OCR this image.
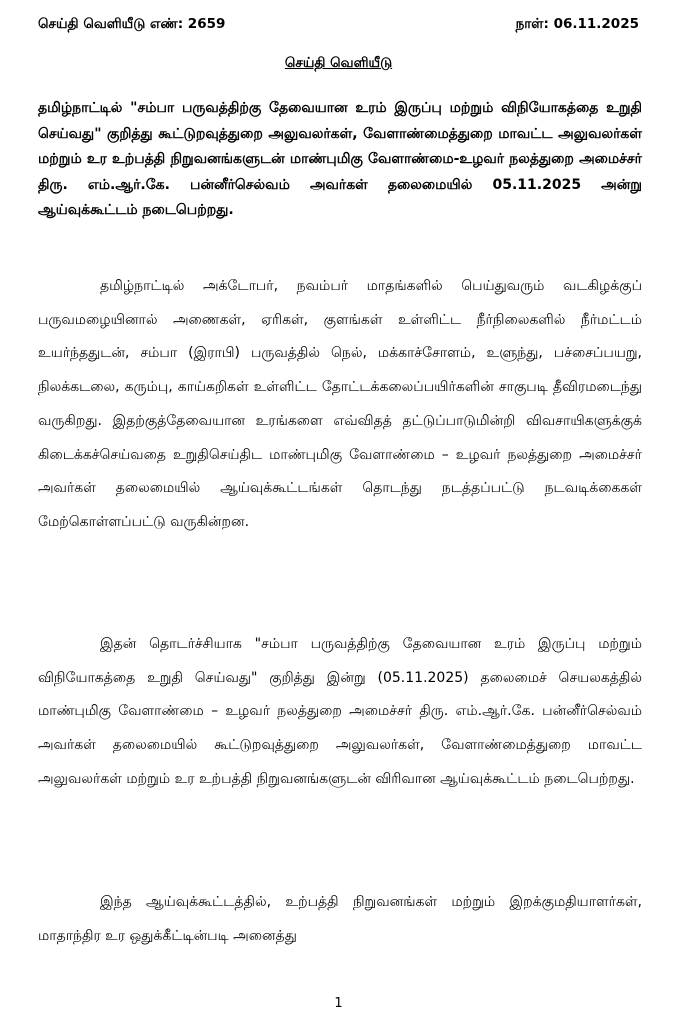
செய்தி வெளியீடு எண்: 2659	நாள்: 06.11.2025
செய்தி வெளியீடு
தமிழ்நாட்டில் "சம்பா பருவத்திற்கு தேவையான உரம் இருப்பு மற்றும் விநியோகத்தை உறுதி செய்வது" குறித்து கூட்டுறவுத்துறை அலுவலர்கள், வேளாண்மைத்துறை மாவட்ட அலுவலர்கள் மற்றும் உர உற்பத்தி நிறுவனங்களுடன் மாண்புமிகு வேளாண்மை-உழவர் நலத்துறை அமைச்சர் திரு. எம்.ஆர்.கே. பன்னீர்செல்வம் அவர்கள் தலைமையில் 05.11.2025 அன்று ஆய்வுக்கூட்டம் நடைபெற்றது.
தமிழ்நாட்டில் அக்டோபர், நவம்பர் மாதங்களில் பெய்துவரும் வடகிழக்குப் பருவமழையினால் அணைகள், ஏரிகள், குளங்கள் உள்ளிட்ட நீர்நிலைகளில் நீர்மட்டம் உயர்ந்ததுடன், சம்பா (இராபி) பருவத்தில் நெல், மக்காச்சோளம், உளுந்து, பச்சைப்பயறு, நிலக்கடலை, கரும்பு, காய்கறிகள் உள்ளிட்ட தோட்டக்கலைப்பயிர்களின் சாகுபடி தீவிரமடைந்து வருகிறது. இதற்குத்தேவையான உரங்களை எவ்விதத் தட்டுப்பாடுமின்றி விவசாயிகளுக்குக் கிடைக்கச்செய்வதை உறுதிசெய்திட மாண்புமிகு வேளாண்மை – உழவர் நலத்துறை அமைச்சர் அவர்கள் தலைமையில் ஆய்வுக்கூட்டங்கள் தொடந்து நடத்தப்பட்டு நடவடிக்கைகள் மேற்கொள்ளப்பட்டு வருகின்றன.
இதன் தொடர்ச்சியாக "சம்பா பருவத்திற்கு தேவையான உரம் இருப்பு மற்றும் விநியோகத்தை உறுதி செய்வது" குறித்து இன்று (05.11.2025) தலைமைச் செயலகத்தில் மாண்புமிகு வேளாண்மை – உழவர் நலத்துறை அமைச்சர் திரு. எம்.ஆர்.கே. பன்னீர்செல்வம் அவர்கள் தலைமையில் கூட்டுறவுத்துறை அலுவலர்கள், வேளாண்மைத்துறை மாவட்ட அலுவலர்கள் மற்றும் உர உற்பத்தி நிறுவனங்களுடன் விரிவான ஆய்வுக்கூட்டம் நடைபெற்றது.
இந்த ஆய்வுக்கூட்டத்தில், உற்பத்தி நிறுவனங்கள் மற்றும் இறக்குமதியாளர்கள், மாதாந்திர உர ஒதுக்கீட்டின்படி அனைத்து
1
